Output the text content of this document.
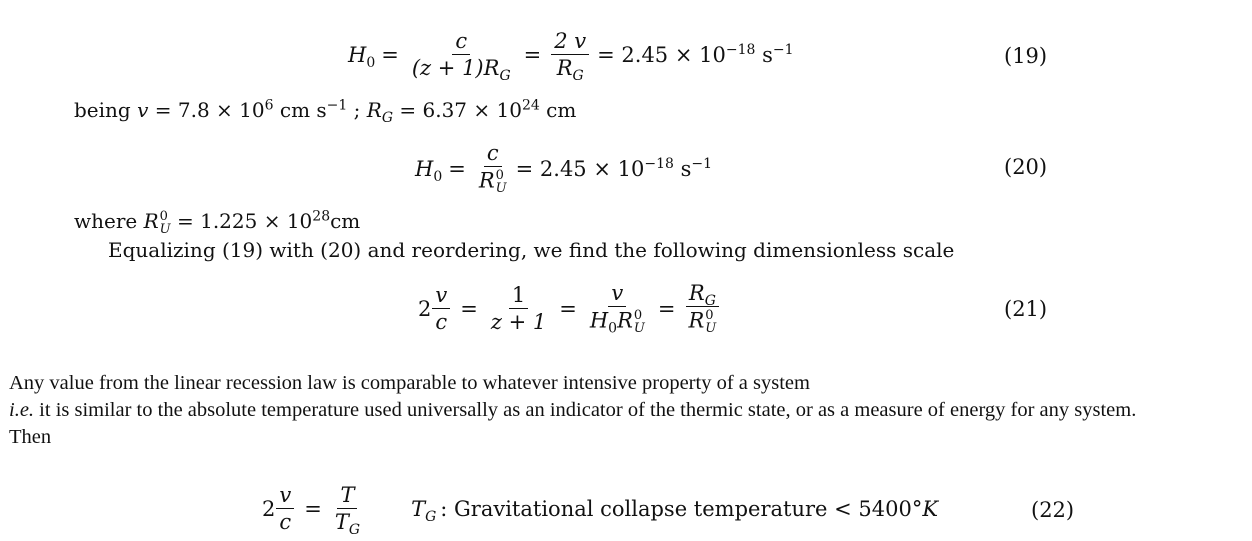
$H_0 = \frac{c}{(z + 1)R_G} = \frac{2 v}{R_G} = 2.45 \times 10^{-18}$ $s^{-1}$	(19)
being $v = 7.8 \times 10^6$ cm $s^{-1}$ ; $R_G = 6.37 \times 10^{24}$ cm
$H_0 = c$
R 0
$U = 2.45 \times 10^{-18}$ $s^{-1}$	(20)
where R 0
$U = 1.225 \times 10^{28}cm$
Equalizing (19) with (20) and reordering, we find the following dimensionless scale
$2 \frac{v}{c} = \frac{1}{z + 1} = v$
$H_0R$ 0
$U = R_G$
R 0
U	(21)
Any value from the linear recession law is comparable to whatever intensive property of a system
i.e. it is similar to the absolute temperature used universally as an indicator of the thermic state, or as a measure of energy for any system.
Then
$2 \frac{v}{c} = \frac{T}{T_G} T_G$ : Gravitational collapse temperature < 5400°K	(22)
